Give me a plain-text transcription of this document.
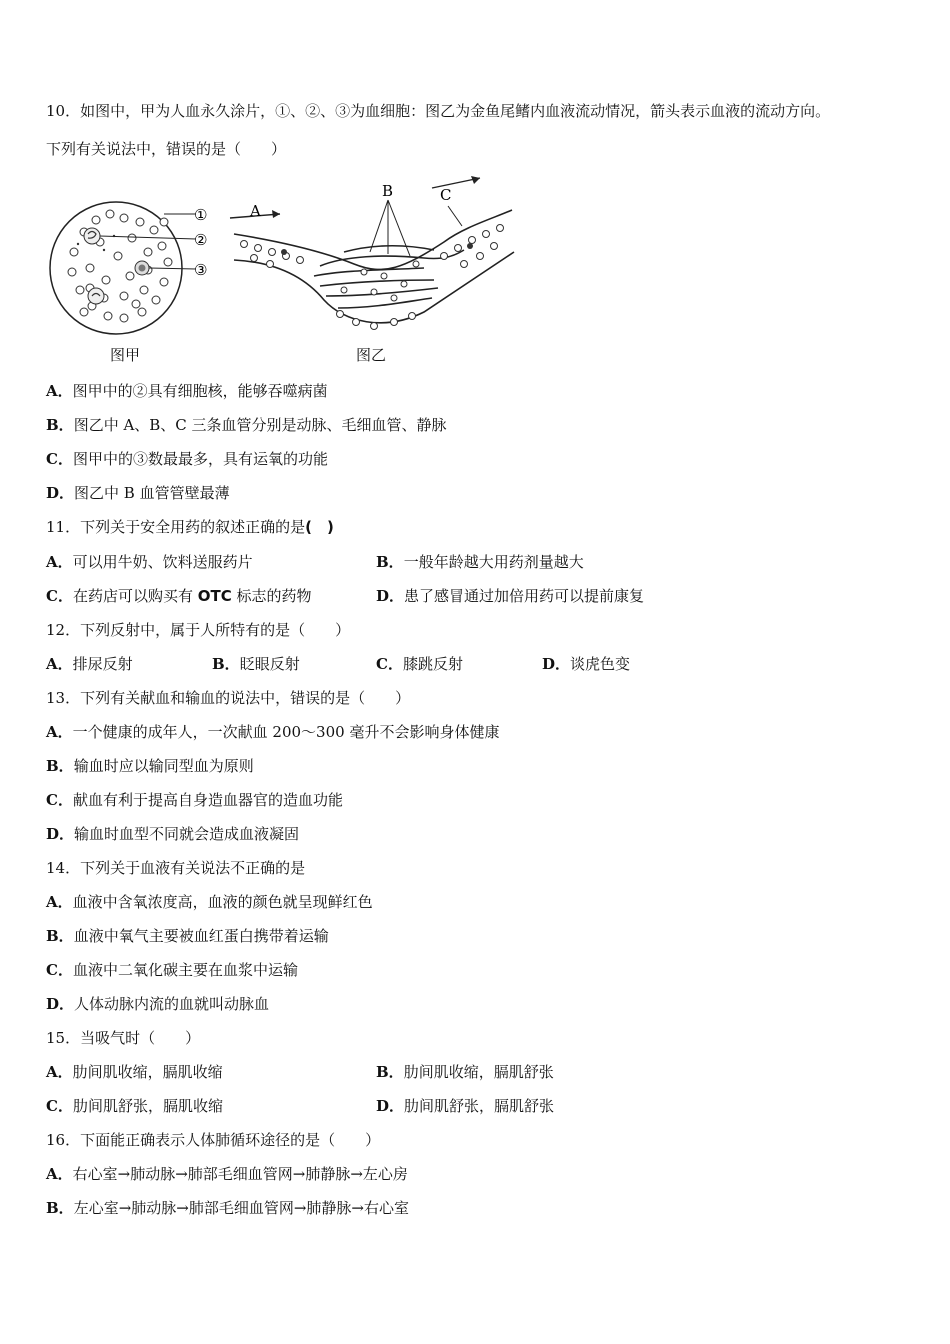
10．如图中，甲为人血永久涂片，①、②、③为血细胞：图乙为金鱼尾鳍内血液流动情况，箭头表示血液的流动方向。
下列有关说法中，错误的是（　　）
①
②
③
A
B	C
图甲	图乙
A．图甲中的②具有细胞核，能够吞噬病菌
B．图乙中 A、B、C 三条血管分别是动脉、毛细血管、静脉
C．图甲中的③数最最多，具有运氧的功能
D．图乙中 B 血管管壁最薄
11．下列关于安全用药的叙述正确的是(　)
A．可以用牛奶、饮料送服药片	B．一般年龄越大用药剂量越大
C．在药店可以购买有 OTC 标志的药物	D．患了感冒通过加倍用药可以提前康复
12．下列反射中，属于人所特有的是（　　）
A．排尿反射	B．眨眼反射	C．膝跳反射	D．谈虎色变
13．下列有关献血和输血的说法中，错误的是（　　）
A．一个健康的成年人，一次献血 200～300 毫升不会影响身体健康
B．输血时应以输同型血为原则
C．献血有利于提高自身造血器官的造血功能
D．输血时血型不同就会造成血液凝固
14．下列关于血液有关说法不正确的是
A．血液中含氧浓度高，血液的颜色就呈现鲜红色
B．血液中氧气主要被血红蛋白携带着运输
C．血液中二氧化碳主要在血浆中运输
D．人体动脉内流的血就叫动脉血
15．当吸气时（　　）
A．肋间肌收缩，膈肌收缩	B．肋间肌收缩，膈肌舒张
C．肋间肌舒张，膈肌收缩	D．肋间肌舒张，膈肌舒张
16．下面能正确表示人体肺循环途径的是（　　）
A．右心室→肺动脉→肺部毛细血管网→肺静脉→左心房
B．左心室→肺动脉→肺部毛细血管网→肺静脉→右心室
